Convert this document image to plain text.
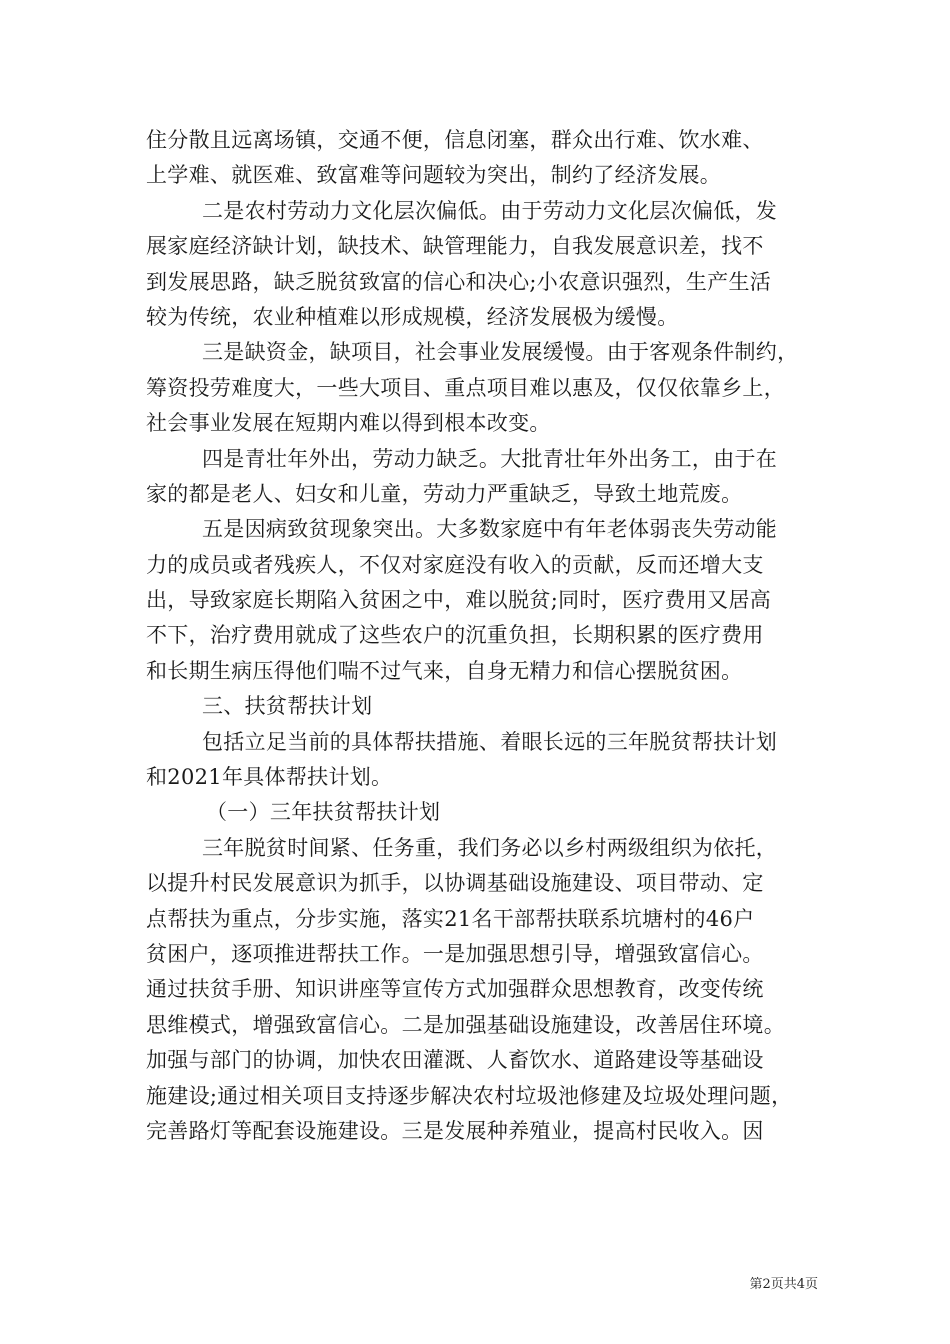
住分散且远离场镇，交通不便，信息闭塞，群众出行难、饮水难、
上学难、就医难、致富难等问题较为突出，制约了经济发展。
二是农村劳动力文化层次偏低。由于劳动力文化层次偏低，发
展家庭经济缺计划，缺技术、缺管理能力，自我发展意识差，找不
到发展思路，缺乏脱贫致富的信心和决心;小农意识强烈，生产生活
较为传统，农业种植难以形成规模，经济发展极为缓慢。
三是缺资金，缺项目，社会事业发展缓慢。由于客观条件制约，
筹资投劳难度大，一些大项目、重点项目难以惠及，仅仅依靠乡上，
社会事业发展在短期内难以得到根本改变。
四是青壮年外出，劳动力缺乏。大批青壮年外出务工，由于在
家的都是老人、妇女和儿童，劳动力严重缺乏，导致土地荒废。
五是因病致贫现象突出。大多数家庭中有年老体弱丧失劳动能
力的成员或者残疾人，不仅对家庭没有收入的贡献，反而还增大支
出，导致家庭长期陷入贫困之中，难以脱贫;同时，医疗费用又居高
不下，治疗费用就成了这些农户的沉重负担，长期积累的医疗费用
和长期生病压得他们喘不过气来，自身无精力和信心摆脱贫困。
三、扶贫帮扶计划
包括立足当前的具体帮扶措施、着眼长远的三年脱贫帮扶计划
和2021年具体帮扶计划。
（一）三年扶贫帮扶计划
三年脱贫时间紧、任务重，我们务必以乡村两级组织为依托，
以提升村民发展意识为抓手，以协调基础设施建设、项目带动、定
点帮扶为重点，分步实施，落实21名干部帮扶联系坑塘村的46户
贫困户，逐项推进帮扶工作。一是加强思想引导，增强致富信心。
通过扶贫手册、知识讲座等宣传方式加强群众思想教育，改变传统
思维模式，增强致富信心。二是加强基础设施建设，改善居住环境。
加强与部门的协调，加快农田灌溉、人畜饮水、道路建设等基础设
施建设;通过相关项目支持逐步解决农村垃圾池修建及垃圾处理问题，
完善路灯等配套设施建设。三是发展种养殖业，提高村民收入。因
第2页共4页
